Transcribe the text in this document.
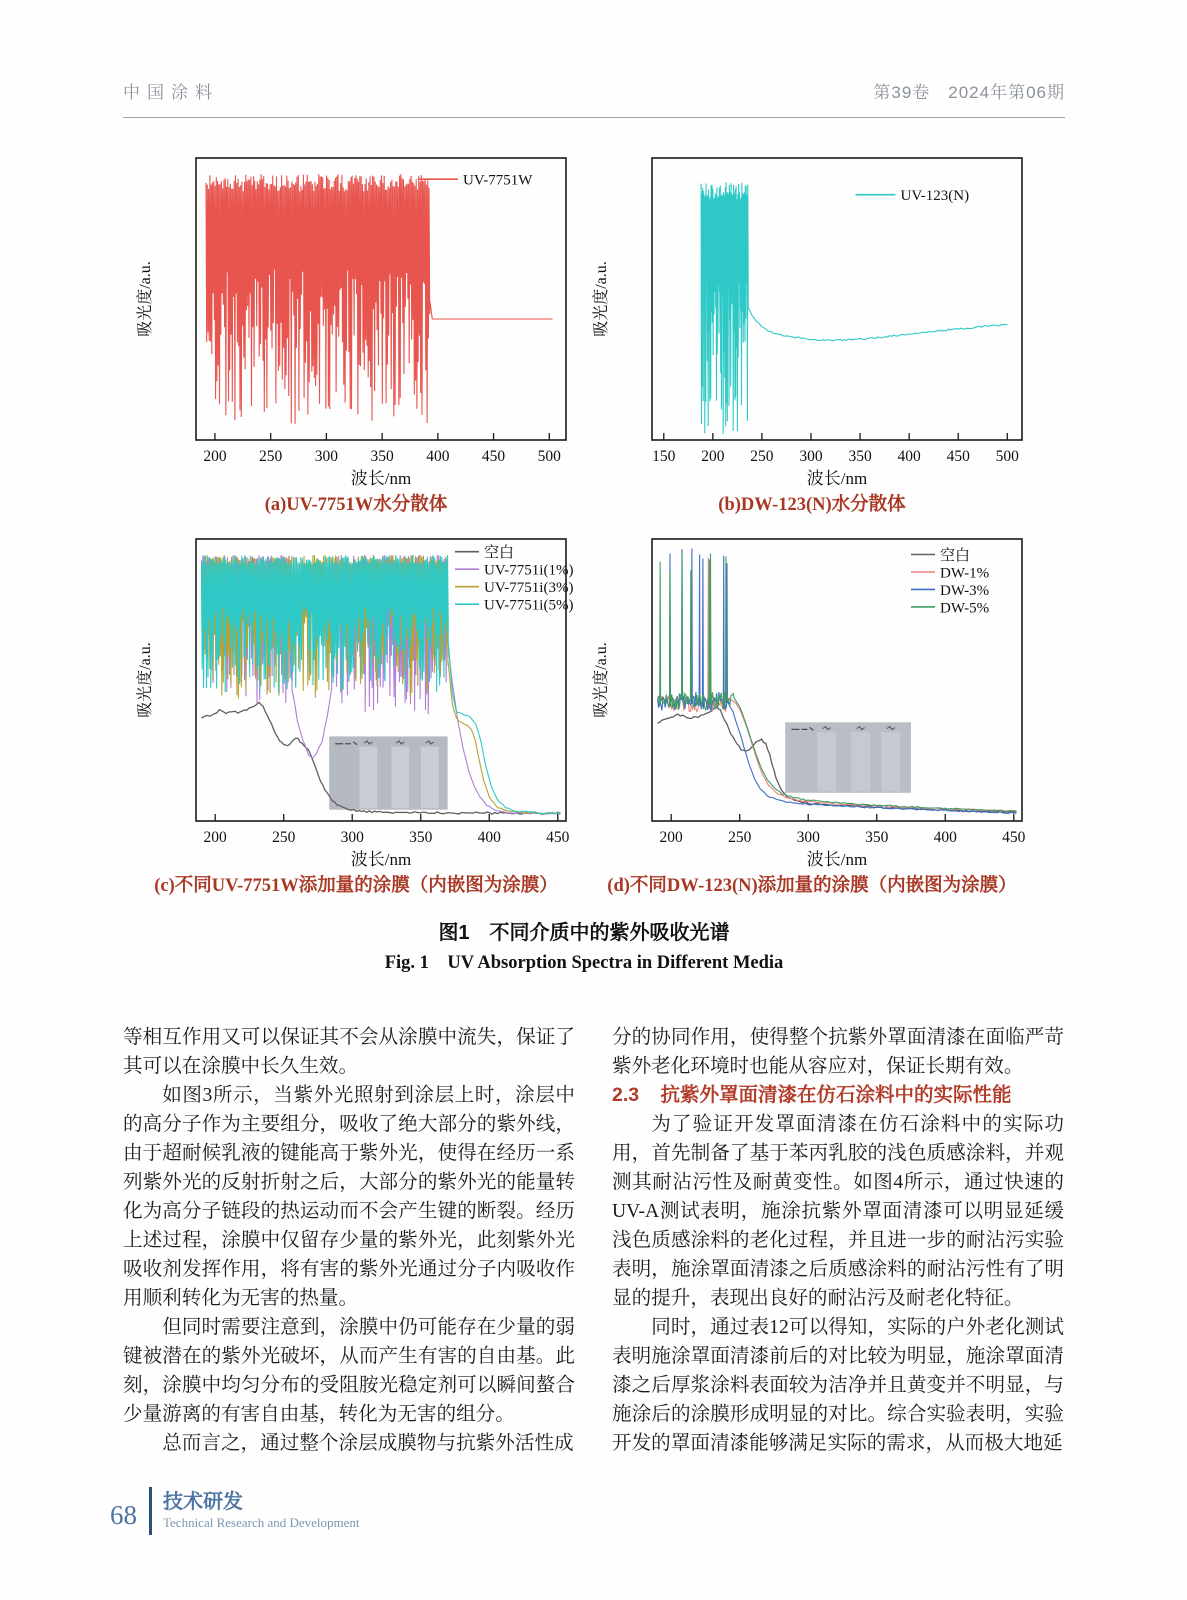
中国涂料	第39卷　2024年第06期
200 250 300 350 400 450 500
波长/nm
吸光度/a.u.
UV-7751W
(a)UV-7751W水分散体
150 200 250 300 350 400 450 500
波长/nm
吸光度/a.u.
UV-123(N)
(b)DW-123(N)水分散体
200	250	300	350	400	450
波长/nm
吸光度/a.u.
空白
UV-7751i(1%)
UV-7751i(3%)
UV-7751i(5%)
(c)不同UV-7751W添加量的涂膜（内嵌图为涂膜）
200	250	300	350	400	450
波长/nm
吸光度/a.u.
空白
DW-1%
DW-3%
DW-5%
(d)不同DW-123(N)添加量的涂膜（内嵌图为涂膜）
图1　不同介质中的紫外吸收光谱
Fig. 1　UV Absorption Spectra in Different Media

等相互作用又可以保证其不会从涂膜中流失，保证了其可以在涂膜中长久生效。

如图3所示，当紫外光照射到涂层上时，涂层中的高分子作为主要组分，吸收了绝大部分的紫外线，由于超耐候乳液的键能高于紫外光，使得在经历一系列紫外光的反射折射之后，大部分的紫外光的能量转化为高分子链段的热运动而不会产生键的断裂。经历上述过程，涂膜中仅留存少量的紫外光，此刻紫外光吸收剂发挥作用，将有害的紫外光通过分子内吸收作用顺利转化为无害的热量。

但同时需要注意到，涂膜中仍可能存在少量的弱键被潜在的紫外光破坏，从而产生有害的自由基。此刻，涂膜中均匀分布的受阻胺光稳定剂可以瞬间螯合少量游离的有害自由基，转化为无害的组分。

总而言之，通过整个涂层成膜物与抗紫外活性成

分的协同作用，使得整个抗紫外罩面清漆在面临严苛紫外老化环境时也能从容应对，保证长期有效。

2.3 抗紫外罩面清漆在仿石涂料中的实际性能

为了验证开发罩面清漆在仿石涂料中的实际功用，首先制备了基于苯丙乳胶的浅色质感涂料，并观测其耐沾污性及耐黄变性。如图4所示，通过快速的UV-A测试表明，施涂抗紫外罩面清漆可以明显延缓浅色质感涂料的老化过程，并且进一步的耐沾污实验表明，施涂罩面清漆之后质感涂料的耐沾污性有了明显的提升，表现出良好的耐沾污及耐老化特征。

同时，通过表12可以得知，实际的户外老化测试表明施涂罩面清漆前后的对比较为明显，施涂罩面清漆之后厚浆涂料表面较为洁净并且黄变并不明显，与施涂后的涂膜形成明显的对比。综合实验表明，实验开发的罩面清漆能够满足实际的需求，从而极大地延

68	技术研发
Technical Research and Development
